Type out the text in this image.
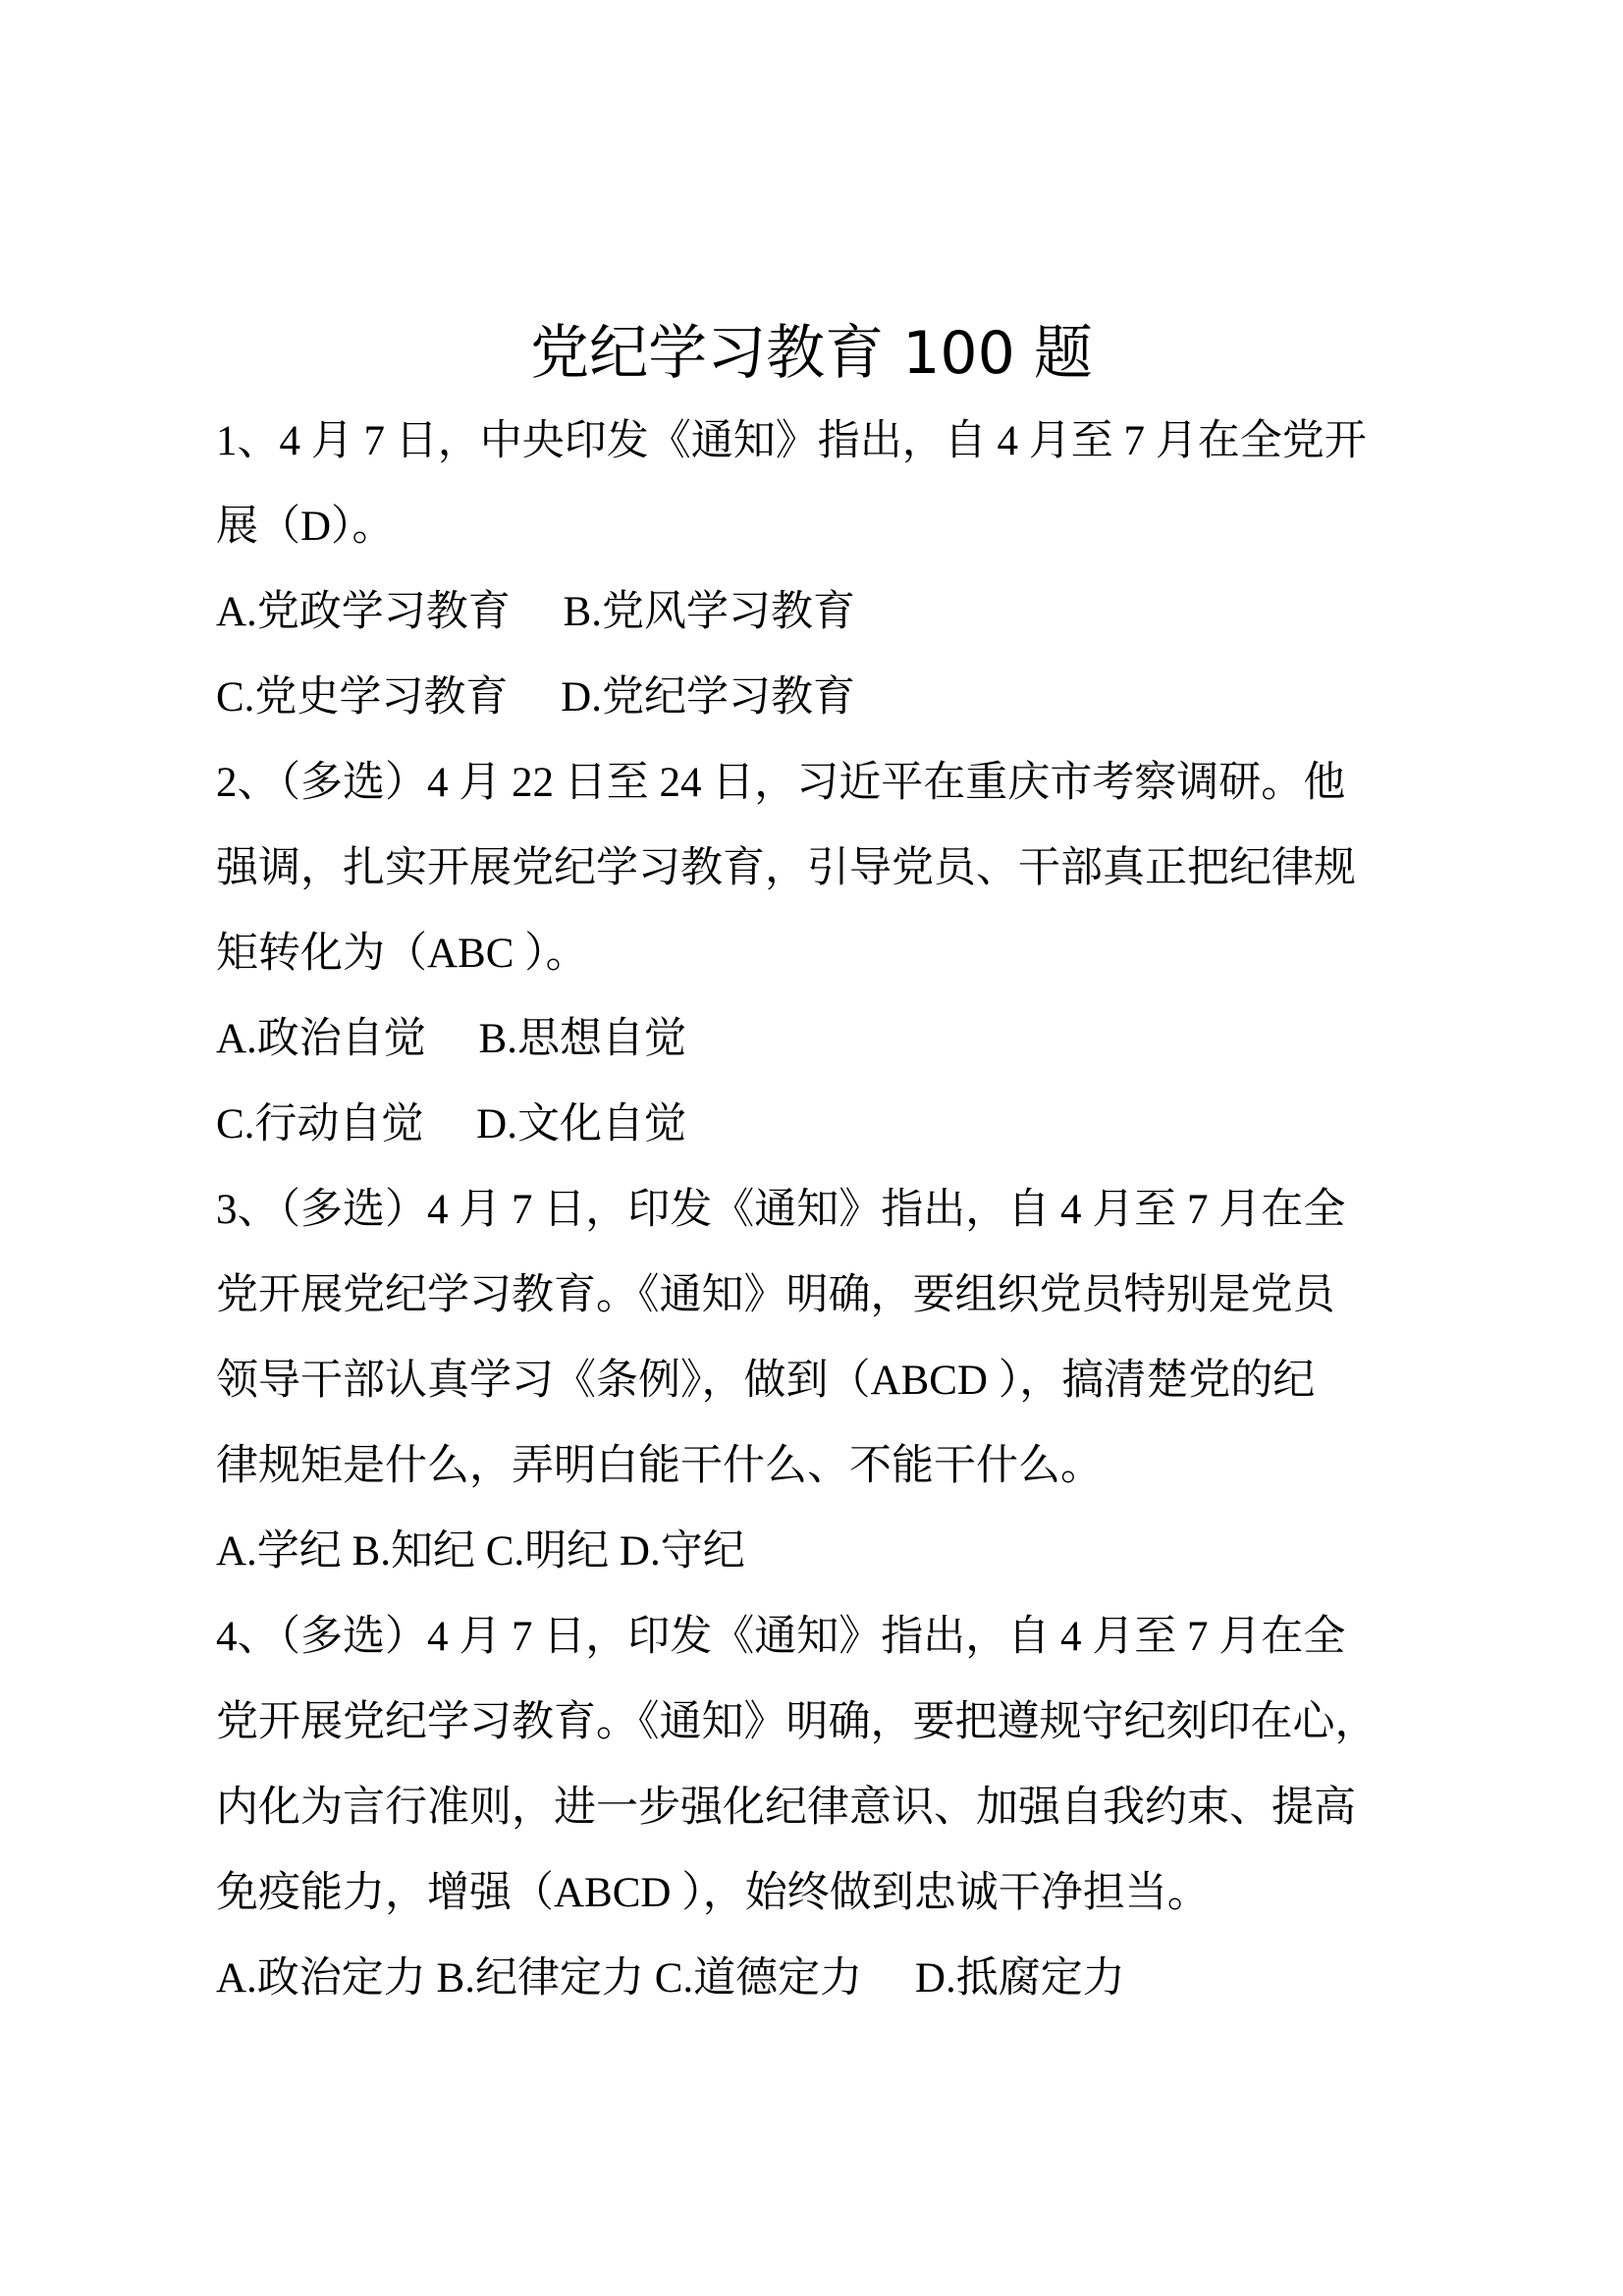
党纪学习教育 100 题
1、4 月 7 日，中央印发《通知》指出，自 4 月至 7 月在全党开
展（D）。
A.党政学习教育 　B.党风学习教育
C.党史学习教育 　D.党纪学习教育
2、（多选）4 月 22 日至 24 日，习近平在重庆市考察调研。他
强调，扎实开展党纪学习教育，引导党员、干部真正把纪律规
矩转化为（ABC ）。
A.政治自觉 　B.思想自觉
C.行动自觉 　D.文化自觉
3、（多选）4 月 7 日，印发《通知》指出，自 4 月至 7 月在全
党开展党纪学习教育。《通知》明确，要组织党员特别是党员
领导干部认真学习《条例》，做到（ABCD ），搞清楚党的纪
律规矩是什么，弄明白能干什么、不能干什么。
A.学纪 B.知纪 C.明纪 D.守纪
4、（多选）4 月 7 日，印发《通知》指出，自 4 月至 7 月在全
党开展党纪学习教育。《通知》明确，要把遵规守纪刻印在心，
内化为言行准则，进一步强化纪律意识、加强自我约束、提高
免疫能力，增强（ABCD ），始终做到忠诚干净担当。
A.政治定力 B.纪律定力 C.道德定力 　D.抵腐定力
